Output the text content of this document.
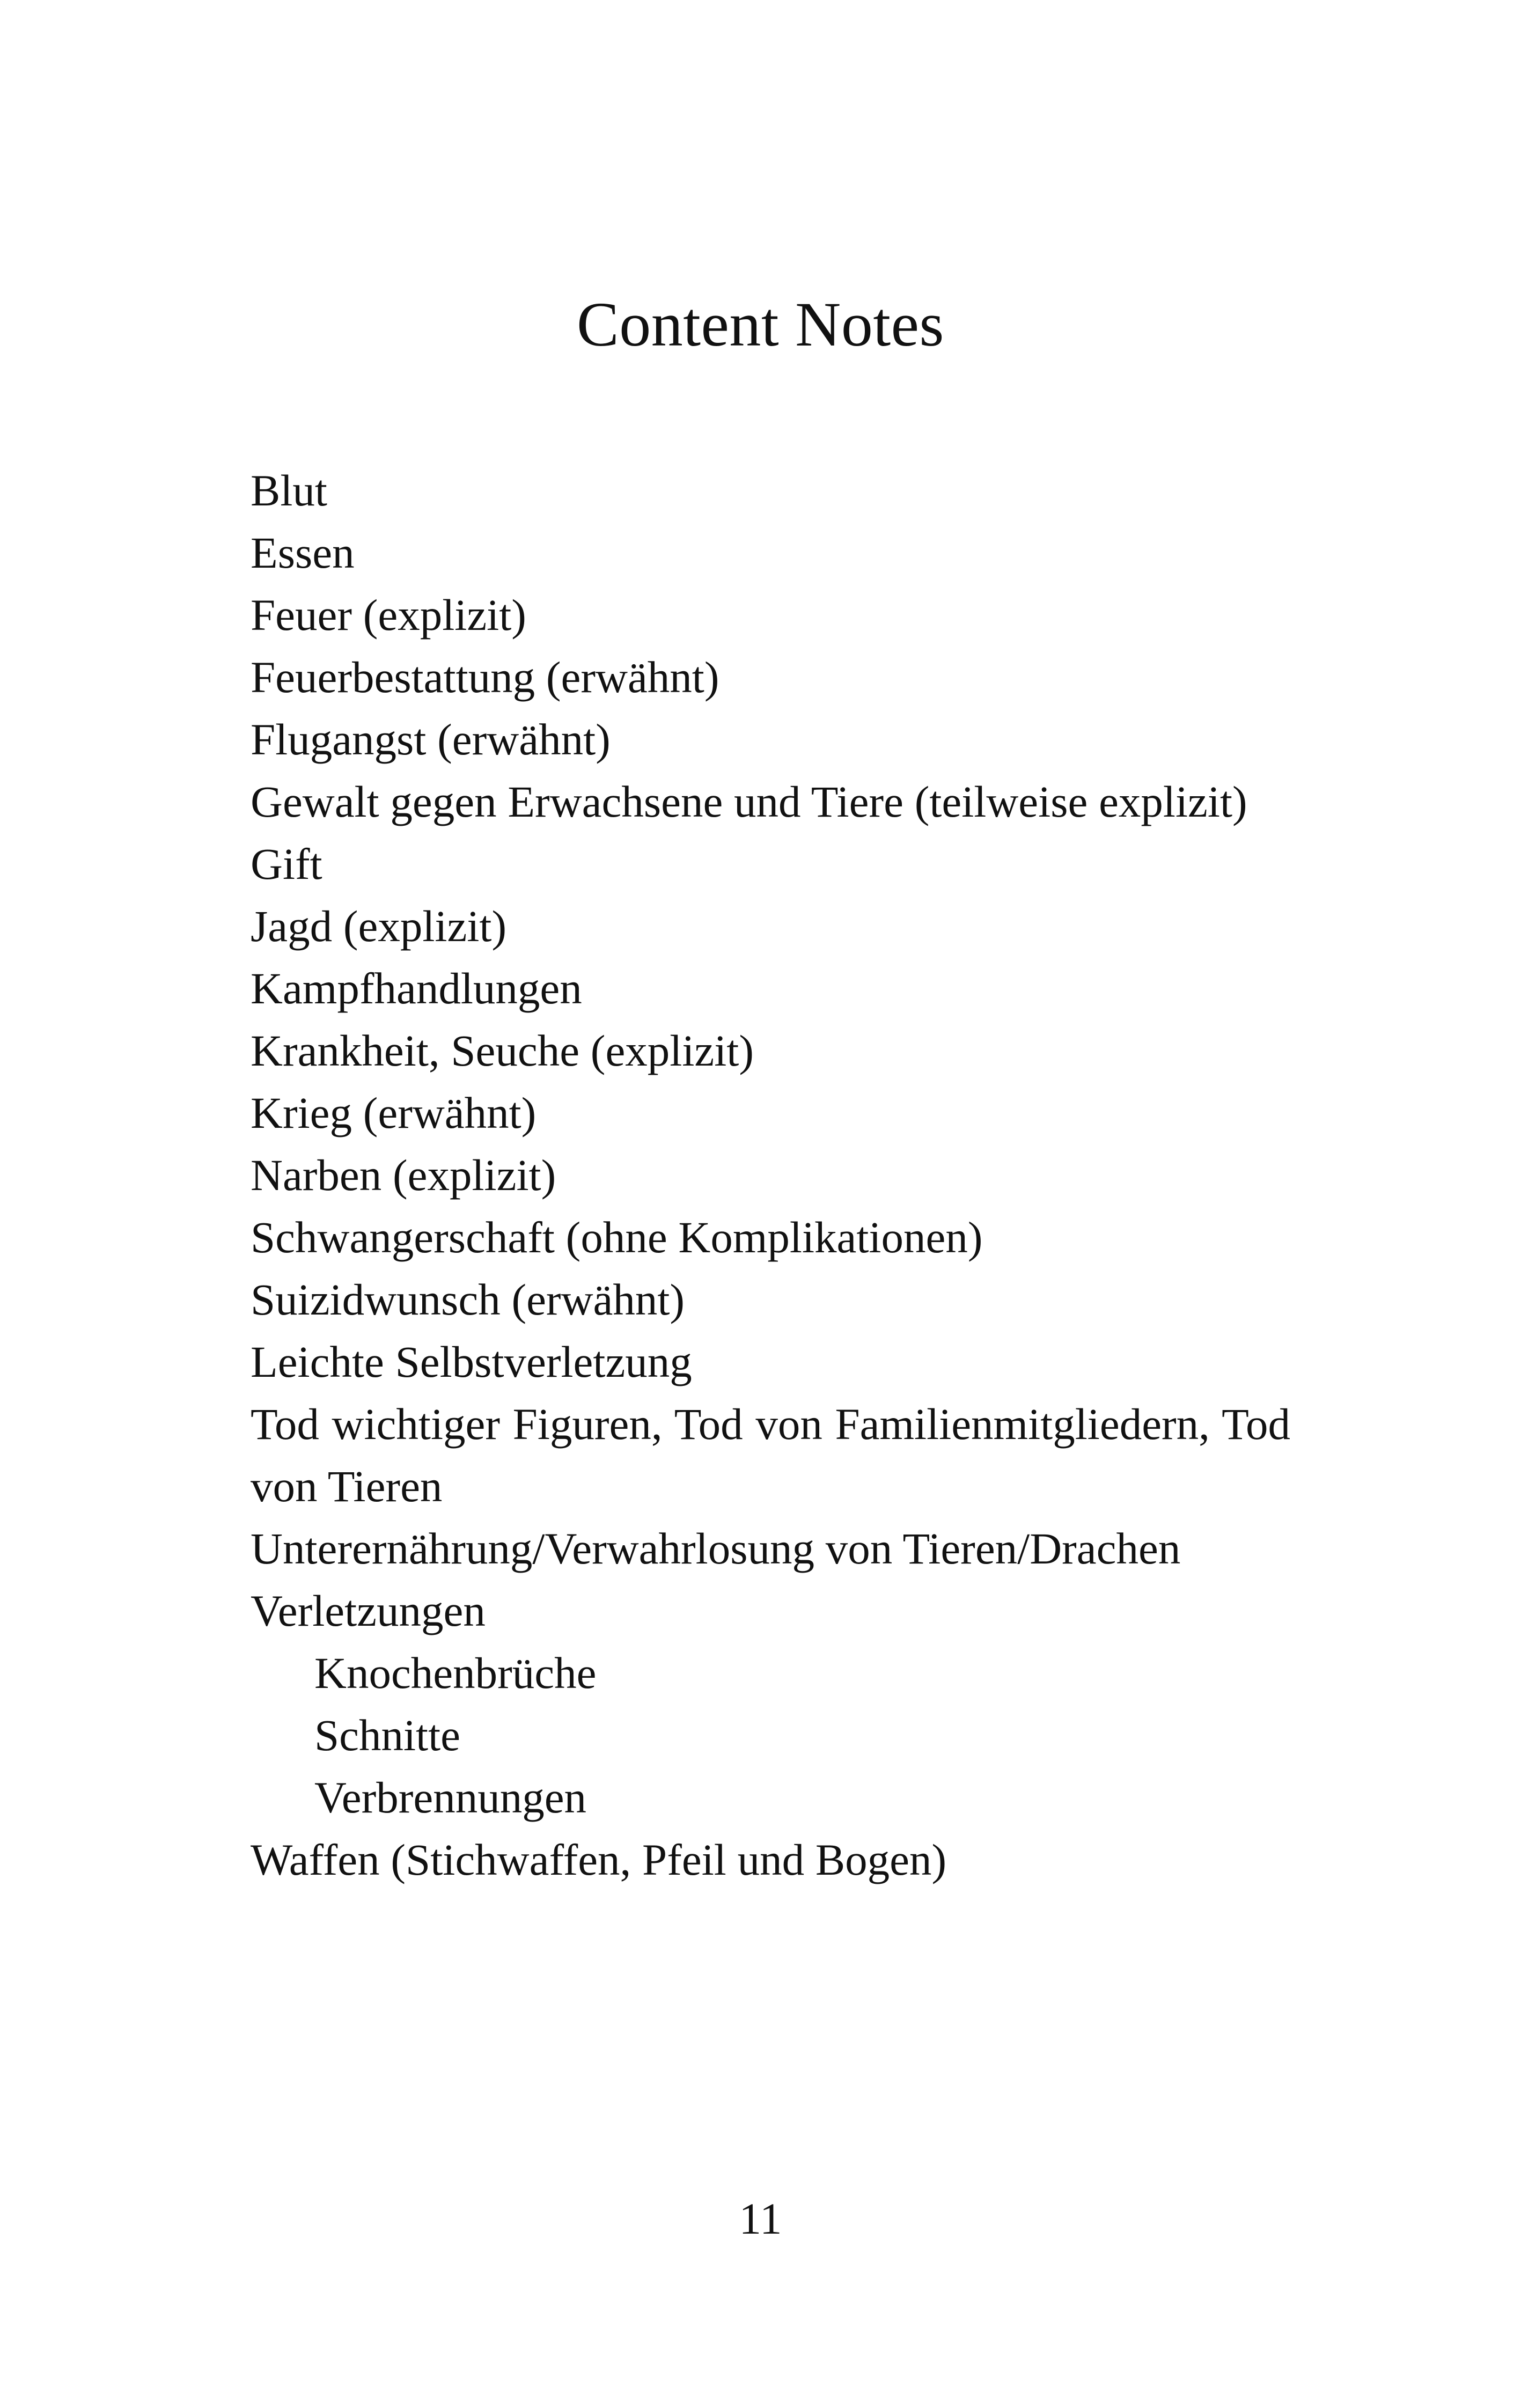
Content Notes
Blut
Essen
Feuer (explizit)
Feuerbestattung (erwähnt)
Flugangst (erwähnt)
Gewalt gegen Erwachsene und Tiere (teilweise explizit)
Gift
Jagd (explizit)
Kampfhandlungen
Krankheit, Seuche (explizit)
Krieg (erwähnt)
Narben (explizit)
Schwangerschaft (ohne Komplikationen)
Suizidwunsch (erwähnt)
Leichte Selbstverletzung
Tod wichtiger Figuren, Tod von Familienmitgliedern, Tod von Tieren
Unterernährung/Verwahrlosung von Tieren/Drachen
Verletzungen
Knochenbrüche
Schnitte
Verbrennungen
Waffen (Stichwaffen, Pfeil und Bogen)
11
